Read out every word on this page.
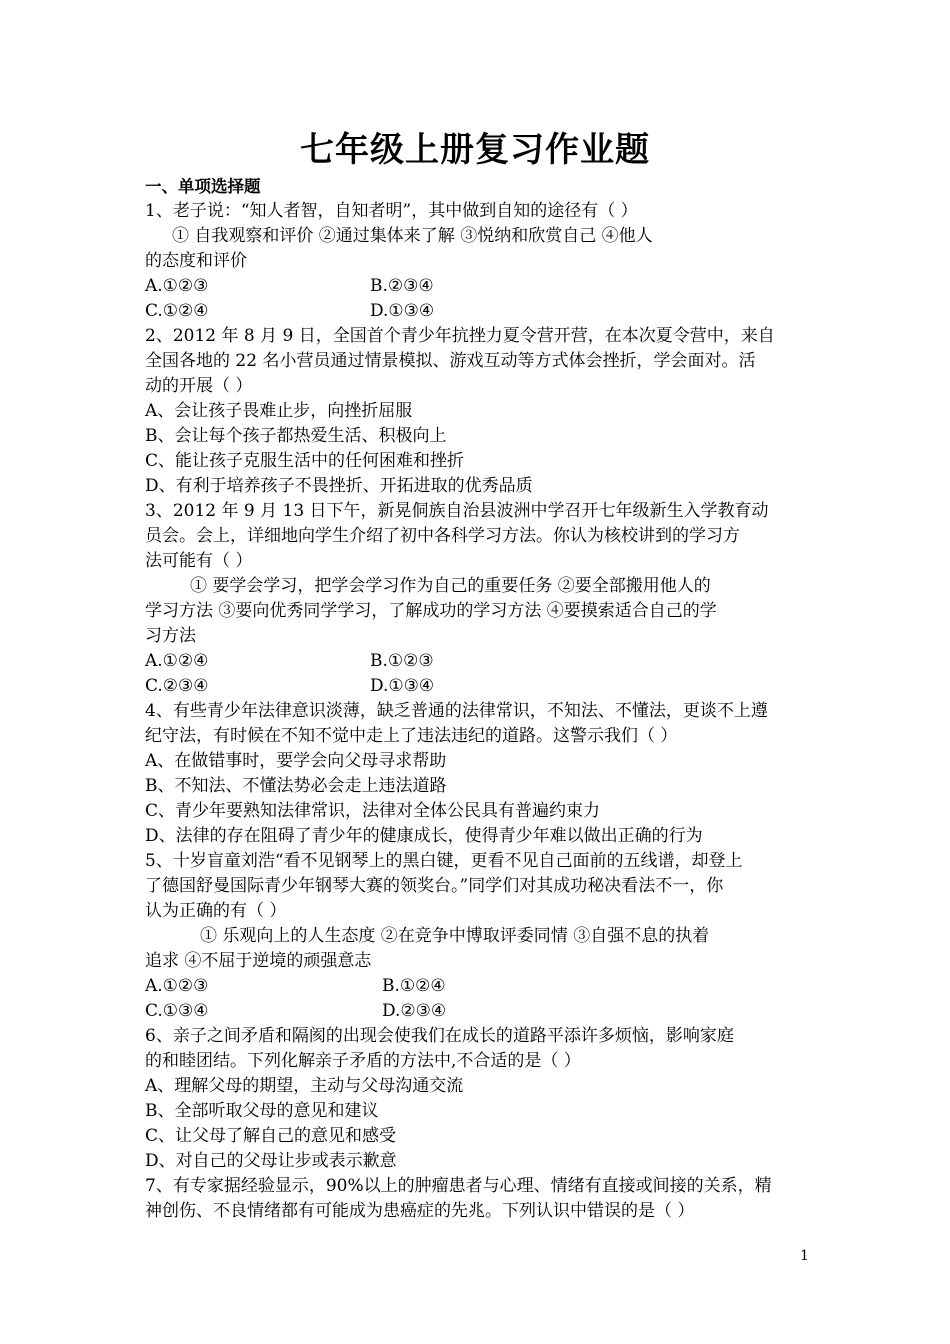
七年级上册复习作业题
一、单项选择题
1、老子说：“知人者智，自知者明”，其中做到自知的途径有（ ）
① 自我观察和评价 ②通过集体来了解 ③悦纳和欣赏自己 ④他人
的态度和评价
A.①②③	B.②③④
C.①②④	D.①③④
2、2012 年 8 月 9 日，全国首个青少年抗挫力夏令营开营，在本次夏令营中，来自
全国各地的 22 名小营员通过情景模拟、游戏互动等方式体会挫折，学会面对。活
动的开展（ ）
A、会让孩子畏难止步，向挫折屈服
B、会让每个孩子都热爱生活、积极向上
C、能让孩子克服生活中的任何困难和挫折
D、有利于培养孩子不畏挫折、开拓进取的优秀品质
3、2012 年 9 月 13 日下午，新晃侗族自治县波洲中学召开七年级新生入学教育动
员会。会上，详细地向学生介绍了初中各科学习方法。你认为核校讲到的学习方
法可能有（ ）
① 要学会学习，把学会学习作为自己的重要任务 ②要全部搬用他人的
学习方法 ③要向优秀同学学习，了解成功的学习方法 ④要摸索适合自己的学
习方法
A.①②④	B.①②③
C.②③④	D.①③④
4、有些青少年法律意识淡薄，缺乏普通的法律常识，不知法、不懂法，更谈不上遵
纪守法，有时候在不知不觉中走上了违法违纪的道路。这警示我们（ ）
A、在做错事时，要学会向父母寻求帮助
B、不知法、不懂法势必会走上违法道路
C、青少年要熟知法律常识，法律对全体公民具有普遍约束力
D、法律的存在阻碍了青少年的健康成长，使得青少年难以做出正确的行为
5、十岁盲童刘浩“看不见钢琴上的黑白键，更看不见自己面前的五线谱，却登上
了德国舒曼国际青少年钢琴大赛的领奖台。”同学们对其成功秘决看法不一，你
认为正确的有（ ）
① 乐观向上的人生态度 ②在竞争中博取评委同情 ③自强不息的执着
追求 ④不屈于逆境的顽强意志
A.①②③	B.①②④
C.①③④	D.②③④
6、亲子之间矛盾和隔阂的出现会使我们在成长的道路平添许多烦恼，影响家庭
的和睦团结。下列化解亲子矛盾的方法中,不合适的是（ ）
A、理解父母的期望，主动与父母沟通交流
B、全部听取父母的意见和建议
C、让父母了解自己的意见和感受
D、对自己的父母让步或表示歉意
7、有专家据经验显示，90%以上的肿瘤患者与心理、情绪有直接或间接的关系，精
神创伤、不良情绪都有可能成为患癌症的先兆。下列认识中错误的是（ ）
1
